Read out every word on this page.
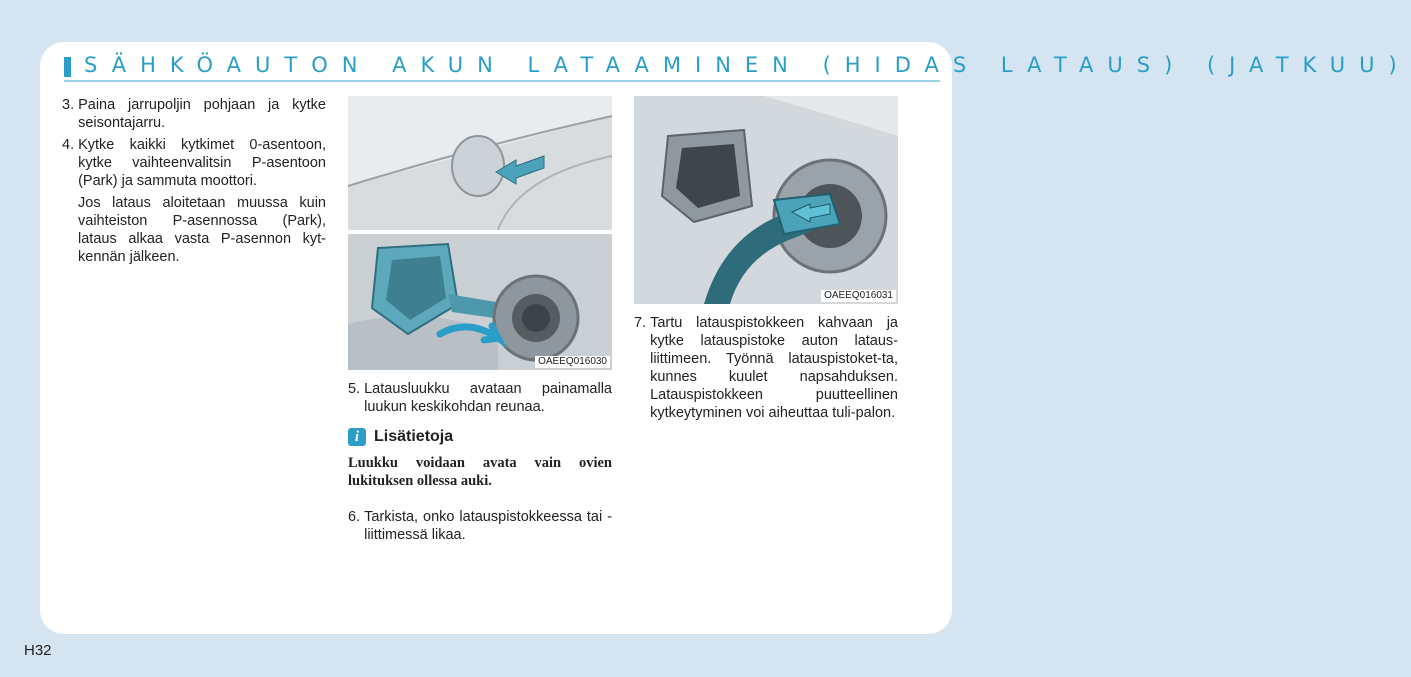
SÄHKÖAUTON AKUN LATAAMINEN (HIDAS LATAUS) (JATKUU)
3. Paina jarrupoljin pohjaan ja kytke seisontajarru.
4. Kytke kaikki kytkimet 0-asentoon, kytke vaihteenvalitsin P-asentoon (Park) ja sammuta moottori.
Jos lataus aloitetaan muussa kuin vaihteiston P-asennossa (Park), lataus alkaa vasta P-asennon kyt-kennän jälkeen.
OAEEQ016030
5. Latausluukku avataan painamalla luukun keskikohdan reunaa.
i Lisätietoja
Luukku voidaan avata vain ovien lukituksen ollessa auki.
6. Tarkista, onko latauspistokkeessa tai -liittimessä likaa.
OAEEQ016031
7. Tartu latauspistokkeen kahvaan ja kytke latauspistoke auton lataus-liittimeen. Työnnä latauspistoket-ta, kunnes kuulet napsahduksen. Latauspistokkeen puutteellinen kytkeytyminen voi aiheuttaa tuli-palon.
H32
